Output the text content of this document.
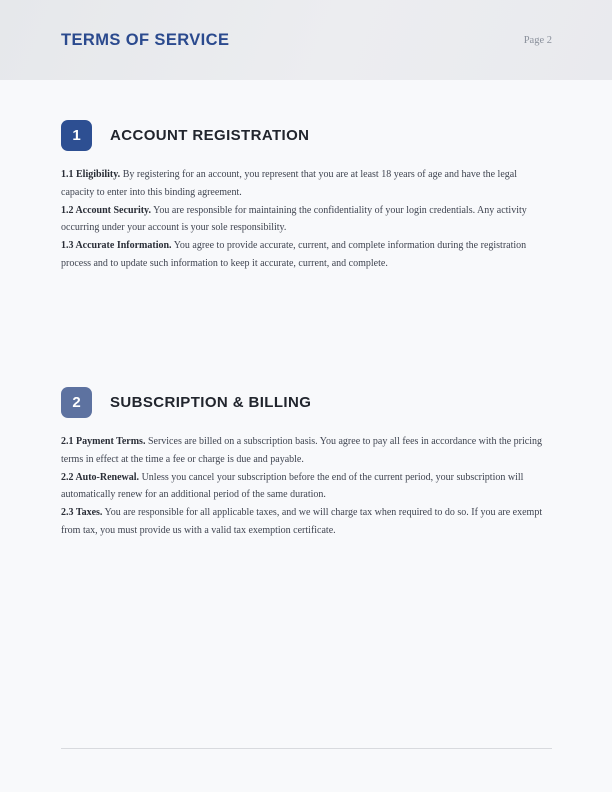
TERMS OF SERVICE	Page 2
1	ACCOUNT REGISTRATION

1.1 Eligibility. By registering for an account, you represent that you are at least 18 years of age and have the legal capacity to enter into this binding agreement.

1.2 Account Security. You are responsible for maintaining the confidentiality of your login credentials. Any activity occurring under your account is your sole responsibility.

1.3 Accurate Information. You agree to provide accurate, current, and complete information during the registration process and to update such information to keep it accurate, current, and complete.

2	SUBSCRIPTION & BILLING

2.1 Payment Terms. Services are billed on a subscription basis. You agree to pay all fees in accordance with the pricing terms in effect at the time a fee or charge is due and payable.

2.2 Auto-Renewal. Unless you cancel your subscription before the end of the current period, your subscription will automatically renew for an additional period of the same duration.

2.3 Taxes. You are responsible for all applicable taxes, and we will charge tax when required to do so. If you are exempt from tax, you must provide us with a valid tax exemption certificate.
